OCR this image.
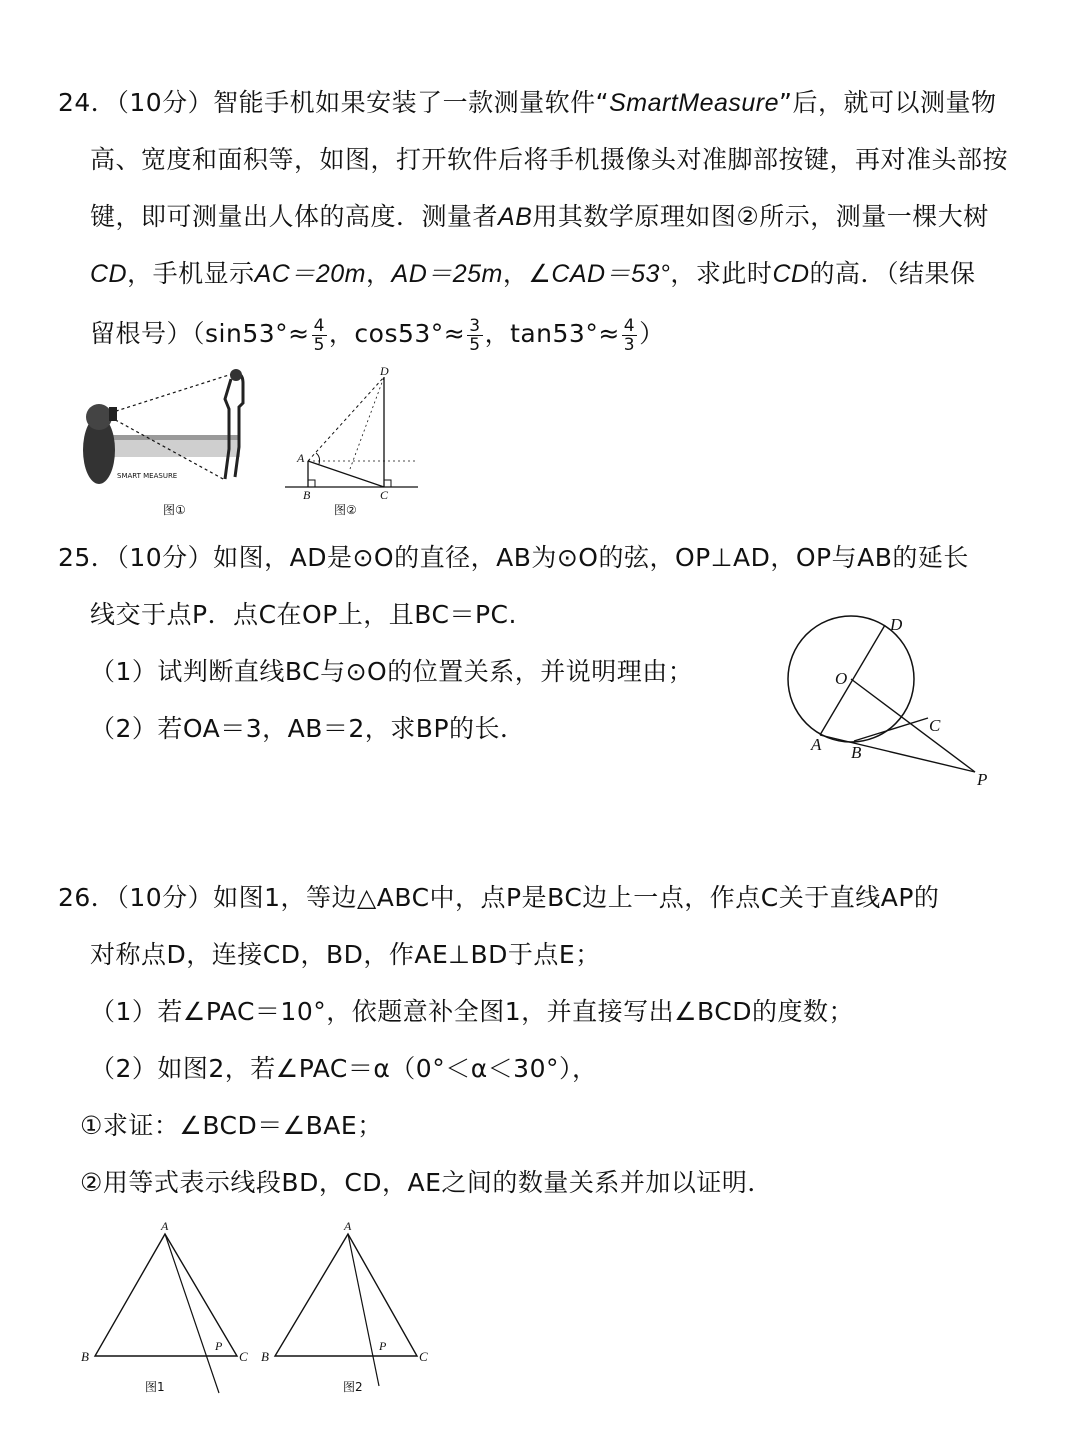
24．（10分）智能手机如果安装了一款测量软件“SmartMeasure”后，就可以测量物
高、宽度和面积等，如图，打开软件后将手机摄像头对准脚部按键，再对准头部按
键，即可测量出人体的高度．测量者AB用其数学原理如图②所示，测量一棵大树
CD，手机显示AC＝20m，AD＝25m，∠CAD＝53°，求此时CD的高．（结果保
留根号）（$\sin 53^\circ\approx \frac{4}{5}$ ，$\cos 53^\circ\approx \frac{3}{5}$ ，$\tan 53^\circ\approx \frac{4}{3}$ ）
SMART MEASURE
图①
D
A
B	C
图②
25．（10分）如图，AD是⊙O的直径，AB为⊙O的弦，OP⊥AD，OP与AB的延长
线交于点P．点C在OP上，且BC＝PC.
（1）试判断直线BC与⊙O的位置关系，并说明理由；
（2）若OA＝3，AB＝2，求BP的长．
D
O
C
A B
P
26．（10分）如图1，等边△ABC中，点P是BC边上一点，作点C关于直线AP的
对称点D，连接CD，BD，作AE⊥BD于点E；
（1）若∠PAC＝10°，依题意补全图1，并直接写出∠BCD的度数；
（2）如图2，若∠PAC＝α（0°＜α＜30°），
①求证：∠BCD＝∠BAE；
②用等式表示线段BD，CD，AE之间的数量关系并加以证明．
A
B	C
P
图1
A
B	C
P
图2
